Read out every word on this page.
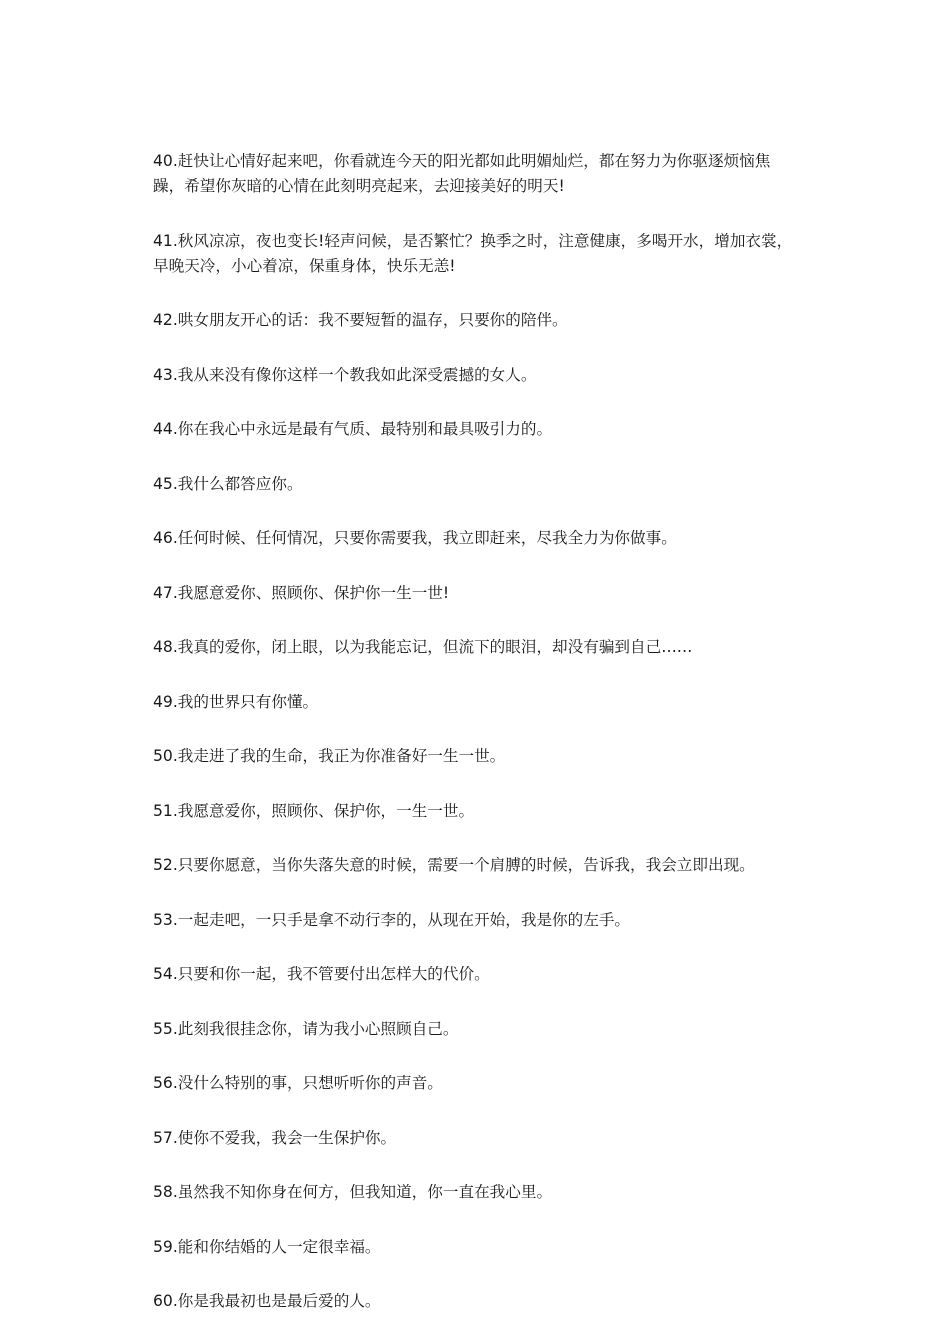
40.赶快让心情好起来吧，你看就连今天的阳光都如此明媚灿烂，都在努力为你驱逐烦恼焦躁，希望你灰暗的心情在此刻明亮起来，去迎接美好的明天!

41.秋风凉凉，夜也变长!轻声问候，是否繁忙？换季之时，注意健康，多喝开水，增加衣裳，早晚天冷，小心着凉，保重身体，快乐无恙!

42.哄女朋友开心的话：我不要短暂的温存，只要你的陪伴。

43.我从来没有像你这样一个教我如此深受震撼的女人。

44.你在我心中永远是最有气质、最特别和最具吸引力的。

45.我什么都答应你。

46.任何时候、任何情况，只要你需要我，我立即赶来，尽我全力为你做事。

47.我愿意爱你、照顾你、保护你一生一世!

48.我真的爱你，闭上眼，以为我能忘记，但流下的眼泪，却没有骗到自己……

49.我的世界只有你懂。

50.我走进了我的生命，我正为你准备好一生一世。

51.我愿意爱你，照顾你、保护你，一生一世。

52.只要你愿意，当你失落失意的时候，需要一个肩膊的时候，告诉我，我会立即出现。

53.一起走吧，一只手是拿不动行李的，从现在开始，我是你的左手。

54.只要和你一起，我不管要付出怎样大的代价。

55.此刻我很挂念你，请为我小心照顾自己。

56.没什么特别的事，只想听听你的声音。

57.使你不爱我，我会一生保护你。

58.虽然我不知你身在何方，但我知道，你一直在我心里。

59.能和你结婚的人一定很幸福。

60.你是我最初也是最后爱的人。
